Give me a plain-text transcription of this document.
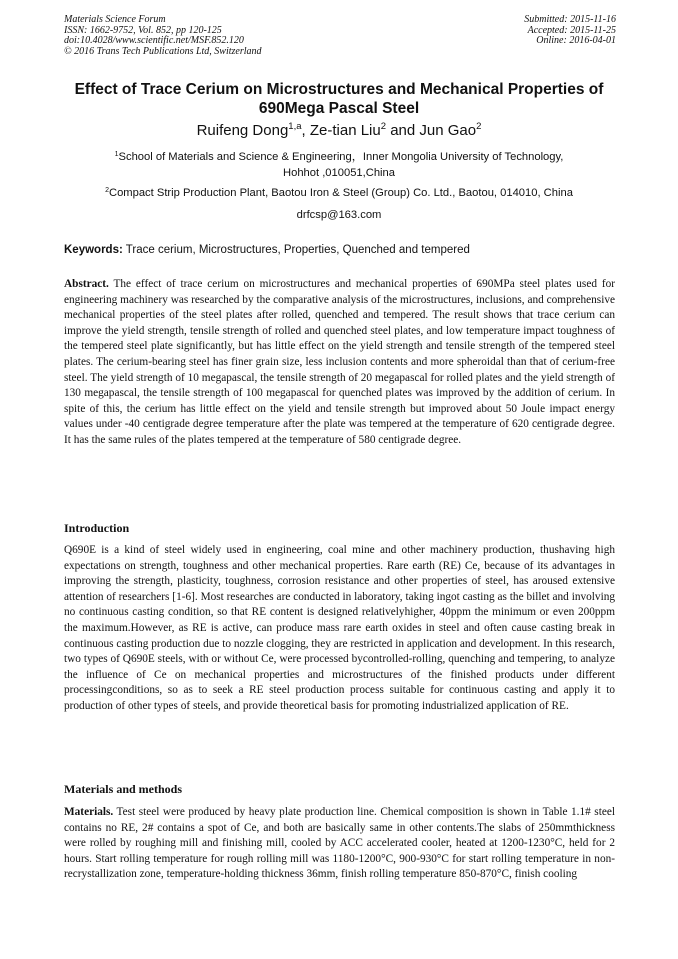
Materials Science Forum
ISSN: 1662-9752, Vol. 852, pp 120-125
doi:10.4028/www.scientific.net/MSF.852.120
© 2016 Trans Tech Publications Ltd, Switzerland
Submitted: 2015-11-16
Accepted: 2015-11-25
Online: 2016-04-01
Effect of Trace Cerium on Microstructures and Mechanical Properties of
690Mega Pascal Steel
Ruifeng Dong$^{1,a}$, Ze-tian Liu$^2$ and Jun Gao$^2$
$^1$School of Materials and Science & Engineering，Inner Mongolia University of Technology,
Hohhot ,010051,China
$^2$Compact Strip Production Plant, Baotou Iron & Steel (Group) Co. Ltd., Baotou, 014010, China
drfcsp@163.com
Keywords: Trace cerium, Microstructures, Properties, Quenched and tempered

Abstract. The effect of trace cerium on microstructures and mechanical properties of 690MPa steel plates used for engineering machinery was researched by the comparative analysis of the microstructures, inclusions, and comprehensive mechanical properties of the steel plates after rolled, quenched and tempered. The result shows that trace cerium can improve the yield strength, tensile strength of rolled and quenched steel plates, and low temperature impact toughness of the tempered steel plate significantly, but has little effect on the yield strength and tensile strength of the tempered steel plates. The cerium-bearing steel has finer grain size, less inclusion contents and more spheroidal than that of cerium-free steel. The yield strength of 10 megapascal, the tensile strength of 20 megapascal for rolled plates and the yield strength of 130 megapascal, the tensile strength of 100 megapascal for quenched plates was improved by the addition of cerium. In spite of this, the cerium has little effect on the yield and tensile strength but improved about 50 Joule impact energy values under -40 centigrade degree temperature after the plate was tempered at the temperature of 620 centigrade degree. It has the same rules of the plates tempered at the temperature of 580 centigrade degree.

Introduction

Q690E is a kind of steel widely used in engineering, coal mine and other machinery production, thushaving high expectations on strength, toughness and other mechanical properties. Rare earth (RE) Ce, because of its advantages in improving the strength, plasticity, toughness, corrosion resistance and other properties of steel, has aroused extensive attention of researchers [1-6]. Most researches are conducted in laboratory, taking ingot casting as the billet and involving no continuous casting condition, so that RE content is designed relativelyhigher, 40ppm the minimum or even 200ppm the maximum.However, as RE is active, can produce mass rare earth oxides in steel and often cause casting break in continuous casting production due to nozzle clogging, they are restricted in application and development. In this research, two types of Q690E steels, with or without Ce, were processed bycontrolled-rolling, quenching and tempering, to analyze the influence of Ce on mechanical properties and microstructures of the finished products under different processingconditions, so as to seek a RE steel production process suitable for continuous casting and apply it to production of other types of steels, and provide theoretical basis for promoting industrialized application of RE.

Materials and methods

Materials. Test steel were produced by heavy plate production line. Chemical composition is shown in Table 1.1# steel contains no RE, 2# contains a spot of Ce, and both are basically same in other contents.The slabs of 250mmthickness were rolled by roughing mill and finishing mill, cooled by ACC accelerated cooler, heated at 1200-1230°C, held for 2 hours. Start rolling temperature for rough rolling mill was 1180-1200°C, 900-930°C for start rolling temperature in non-recrystallization zone, temperature-holding thickness 36mm, finish rolling temperature 850-870°C, finish cooling
